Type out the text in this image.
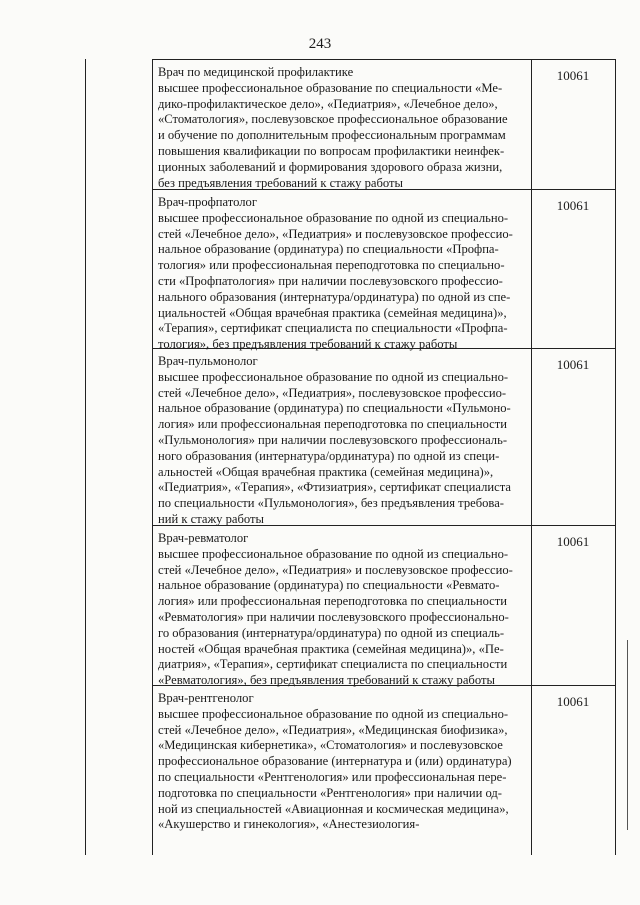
243
Врач по медицинской профилактике
высшее профессиональное образование по специальности «Ме-
дико-профилактическое дело», «Педиатрия», «Лечебное дело»,
«Стоматология», послевузовское профессиональное образование
и обучение по дополнительным профессиональным программам
повышения квалификации по вопросам профилактики неинфек-
ционных заболеваний и формирования здорового образа жизни,
без предъявления требований к стажу работы
10061
Врач-профпатолог
высшее профессиональное образование по одной из специально-
стей «Лечебное дело», «Педиатрия» и послевузовское профессио-
нальное образование (ординатура) по специальности «Профпа-
тология» или профессиональная переподготовка по специально-
сти «Профпатология» при наличии послевузовского профессио-
нального образования (интернатура/ординатура) по одной из спе-
циальностей «Общая врачебная практика (семейная медицина)»,
«Терапия», сертификат специалиста по специальности «Профпа-
тология», без предъявления требований к стажу работы
10061
Врач-пульмонолог
высшее профессиональное образование по одной из специально-
стей «Лечебное дело», «Педиатрия», послевузовское профессио-
нальное образование (ординатура) по специальности «Пульмоно-
логия» или профессиональная переподготовка по специальности
«Пульмонология» при наличии послевузовского профессиональ-
ного образования (интернатура/ординатура) по одной из специ-
альностей «Общая врачебная практика (семейная медицина)»,
«Педиатрия», «Терапия», «Фтизиатрия», сертификат специалиста
по специальности «Пульмонология», без предъявления требова-
ний к стажу работы
10061
Врач-ревматолог
высшее профессиональное образование по одной из специально-
стей «Лечебное дело», «Педиатрия» и послевузовское профессио-
нальное образование (ординатура) по специальности «Ревмато-
логия» или профессиональная переподготовка по специальности
«Ревматология» при наличии послевузовского профессионально-
го образования (интернатура/ординатура) по одной из специаль-
ностей «Общая врачебная практика (семейная медицина)», «Пе-
диатрия», «Терапия», сертификат специалиста по специальности
«Ревматология», без предъявления требований к стажу работы
10061
Врач-рентгенолог
высшее профессиональное образование по одной из специально-
стей «Лечебное дело», «Педиатрия», «Медицинская биофизика»,
«Медицинская кибернетика», «Стоматология» и послевузовское
профессиональное образование (интернатура и (или) ординатура)
по специальности «Рентгенология» или профессиональная пере-
подготовка по специальности «Рентгенология» при наличии од-
ной из специальностей «Авиационная и космическая медицина»,
«Акушерство и гинекология», «Анестезиология-
10061
